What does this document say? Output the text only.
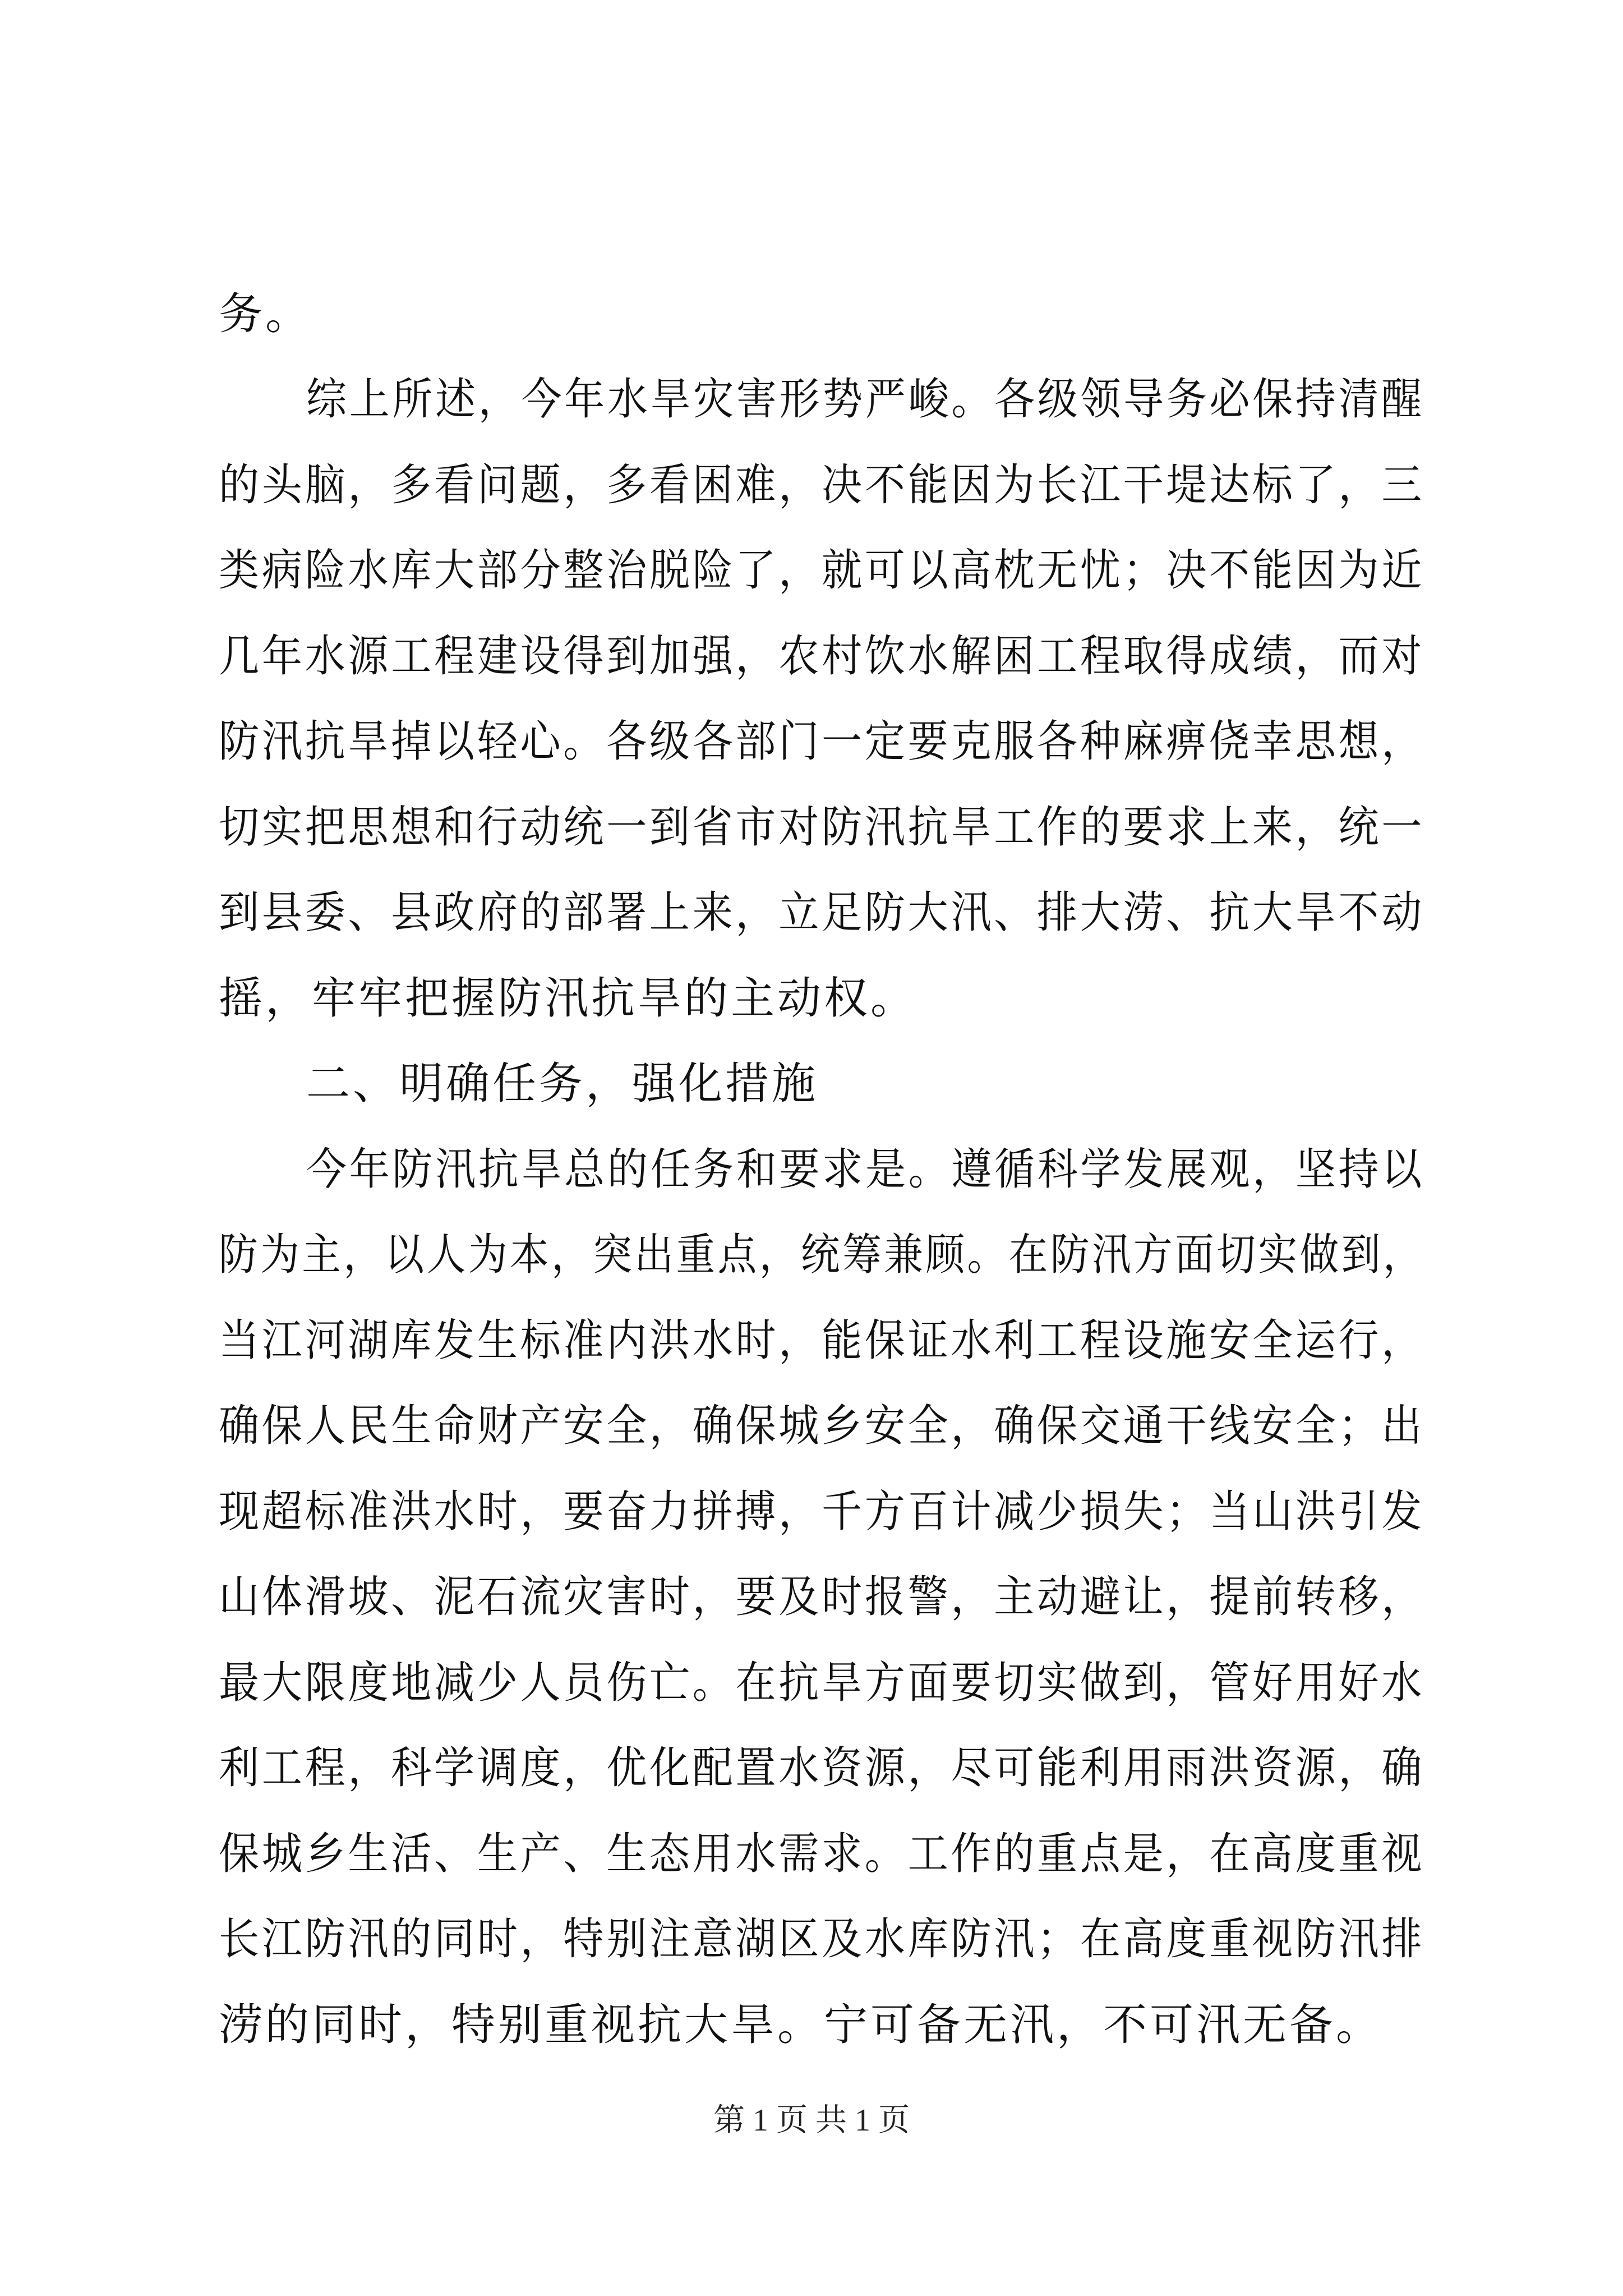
务。
综上所述，今年水旱灾害形势严峻。各级领导务必保持清醒
的头脑，多看问题，多看困难，决不能因为长江干堤达标了，三
类病险水库大部分整治脱险了，就可以高枕无忧；决不能因为近
几年水源工程建设得到加强，农村饮水解困工程取得成绩，而对
防汛抗旱掉以轻心。各级各部门一定要克服各种麻痹侥幸思想，
切实把思想和行动统一到省市对防汛抗旱工作的要求上来，统一
到县委、县政府的部署上来，立足防大汛、排大涝、抗大旱不动
摇，牢牢把握防汛抗旱的主动权。
二、明确任务，强化措施
今年防汛抗旱总的任务和要求是。遵循科学发展观，坚持以
防为主，以人为本，突出重点，统筹兼顾。在防汛方面切实做到，
当江河湖库发生标准内洪水时，能保证水利工程设施安全运行，
确保人民生命财产安全，确保城乡安全，确保交通干线安全；出
现超标准洪水时，要奋力拼搏，千方百计减少损失；当山洪引发
山体滑坡、泥石流灾害时，要及时报警，主动避让，提前转移，
最大限度地减少人员伤亡。在抗旱方面要切实做到，管好用好水
利工程，科学调度，优化配置水资源，尽可能利用雨洪资源，确
保城乡生活、生产、生态用水需求。工作的重点是，在高度重视
长江防汛的同时，特别注意湖区及水库防汛；在高度重视防汛排
涝的同时，特别重视抗大旱。宁可备无汛，不可汛无备。
第 1 页 共 1 页
